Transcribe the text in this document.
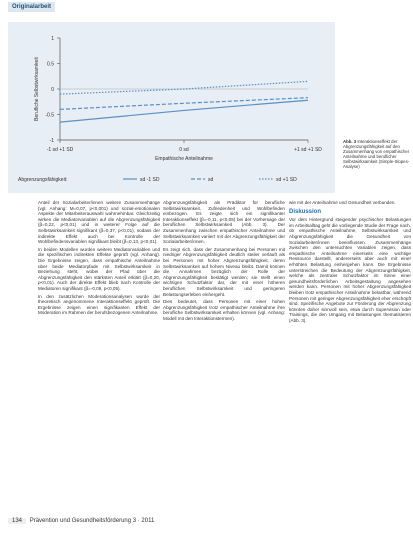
Originalarbeit
1
0.5
0
-0.5
-1
-1 sd +1 SD	0 sd	+1 sd +1 SD
Empathische Anteilnahme
Berufliche Selbstwirksamkeit
Abgrenzungsfähigkeit:	sd -1 SD	sd	sd +1 SD
Abb. 3 Interaktionseffekt der Abgrenzungsfähigkeit auf den Zusammenhang von empathischer Anteilnahme und beruflicher Selbstwirksamkeit (Simple-Slopes-Analyse)

Anteil der Sozialarbeiter/innen weitere Zusammenhänge (vgl. Anhang: M=0,07, p<0,001) und sozial-emotionalen Aspekte der Mitarbeiterauswahl wahrnehmbar. Gleichzeitig wirken die Mediatorvariablen auf die Abgrenzungsfähigkeit (β=0,22, p<0,01) und in weiterer Folge auf die Selbstwirksamkeit signifikant (β=0,37, p<0,01), sodass der indirekte Effekt auch bei Kontrolle der Wohlbefindensvariablen signifikant bleibt (β=0,13, p<0,01).

In beiden Modellen wurden weitere Mediatorvariablen und die spezifischen indirekten Effekte geprüft (vgl. Anhang). Die Ergebnisse zeigen, dass empathische Anteilnahme über beide Mediatorpfade mit Selbstwirksamkeit in Beziehung steht, wobei der Pfad über die Abgrenzungsfähigkeit den stärksten Anteil erklärt (β=0,20, p<0,01). Auch der direkte Effekt blieb nach Kontrolle der Mediatoren signifikant (β=-0,09, p<0,05).

In den zusätzlichen Moderationsanalysen wurde der theoretisch angenommene Interaktionseffekt geprüft. Die Ergebnisse zeigen einen signifikanten Effekt der Moderation im Rahmen der berufsbezogenen Anteilnahme.

Abgrenzungsfähigkeit als Prädiktor für berufliche Selbstwirksamkeit, Zufriedenheit und Wohlbefinden einbezogen. Es zeigte sich ein signifikanter Interaktionseffekt (β=-0,11, p<0,05) bei der Vorhersage der beruflichen Selbstwirksamkeit (Abb. 3). Der Zusammenhang zwischen empathischer Anteilnahme und Selbstwirksamkeit variiert mit der Abgrenzungsfähigkeit der Sozialarbeiter/innen.

Es zeigt sich, dass der Zusammenhang bei Personen mit niedriger Abgrenzungsfähigkeit deutlich steiler verläuft als bei Personen mit hoher Abgrenzungsfähigkeit, deren Selbstwirksamkeit auf hohem Niveau bleibt. Damit können die Annahmen bezüglich der Rolle der Abgrenzungsfähigkeit bestätigt werden; sie stellt einen wichtigen Schutzfaktor dar, der mit einer höheren beruflichen Selbstwirksamkeit und geringeren Belastungserleben einhergeht.

Dies bedeutet, dass Personen mit einer hohen Abgrenzungsfähigkeit trotz empathischer Anteilnahme ihre berufliche Selbstwirksamkeit erhalten können (vgl. Anhang: Modell mit den Interaktionstermen).

wie mit der Anteilnahme und Gesundheit verbunden.

Diskussion

Vor dem Hintergrund steigender psychischer Belastungen im Arbeitsalltag geht die vorliegende Studie der Frage nach, ob empathische Anteilnahme, Selbstwirksamkeit und Abgrenzungsfähigkeit die Gesundheit von Sozialarbeiter/innen beeinflussen. Zusammenhänge zwischen den untersuchten Variablen zeigen, dass empathische Anteilnahme einerseits eine wichtige Ressource darstellt, andererseits aber auch mit einer erhöhten Belastung einhergehen kann. Die Ergebnisse unterstreichen die Bedeutung der Abgrenzungsfähigkeit, welche als zentraler Schutzfaktor im Sinne einer gesundheitsförderlichen Arbeitsgestaltung angesehen werden kann. Personen mit hoher Abgrenzungsfähigkeit bleiben trotz empathischer Anteilnahme belastbar, während Personen mit geringer Abgrenzungsfähigkeit eher erschöpft sind. Spezifische Angebote zur Förderung der Abgrenzung könnten daher sinnvoll sein, etwa durch Supervision oder Trainings, die den Umgang mit Belastungen thematisieren (Abb. 3).

134 Prävention und Gesundheitsförderung 3 · 2011
